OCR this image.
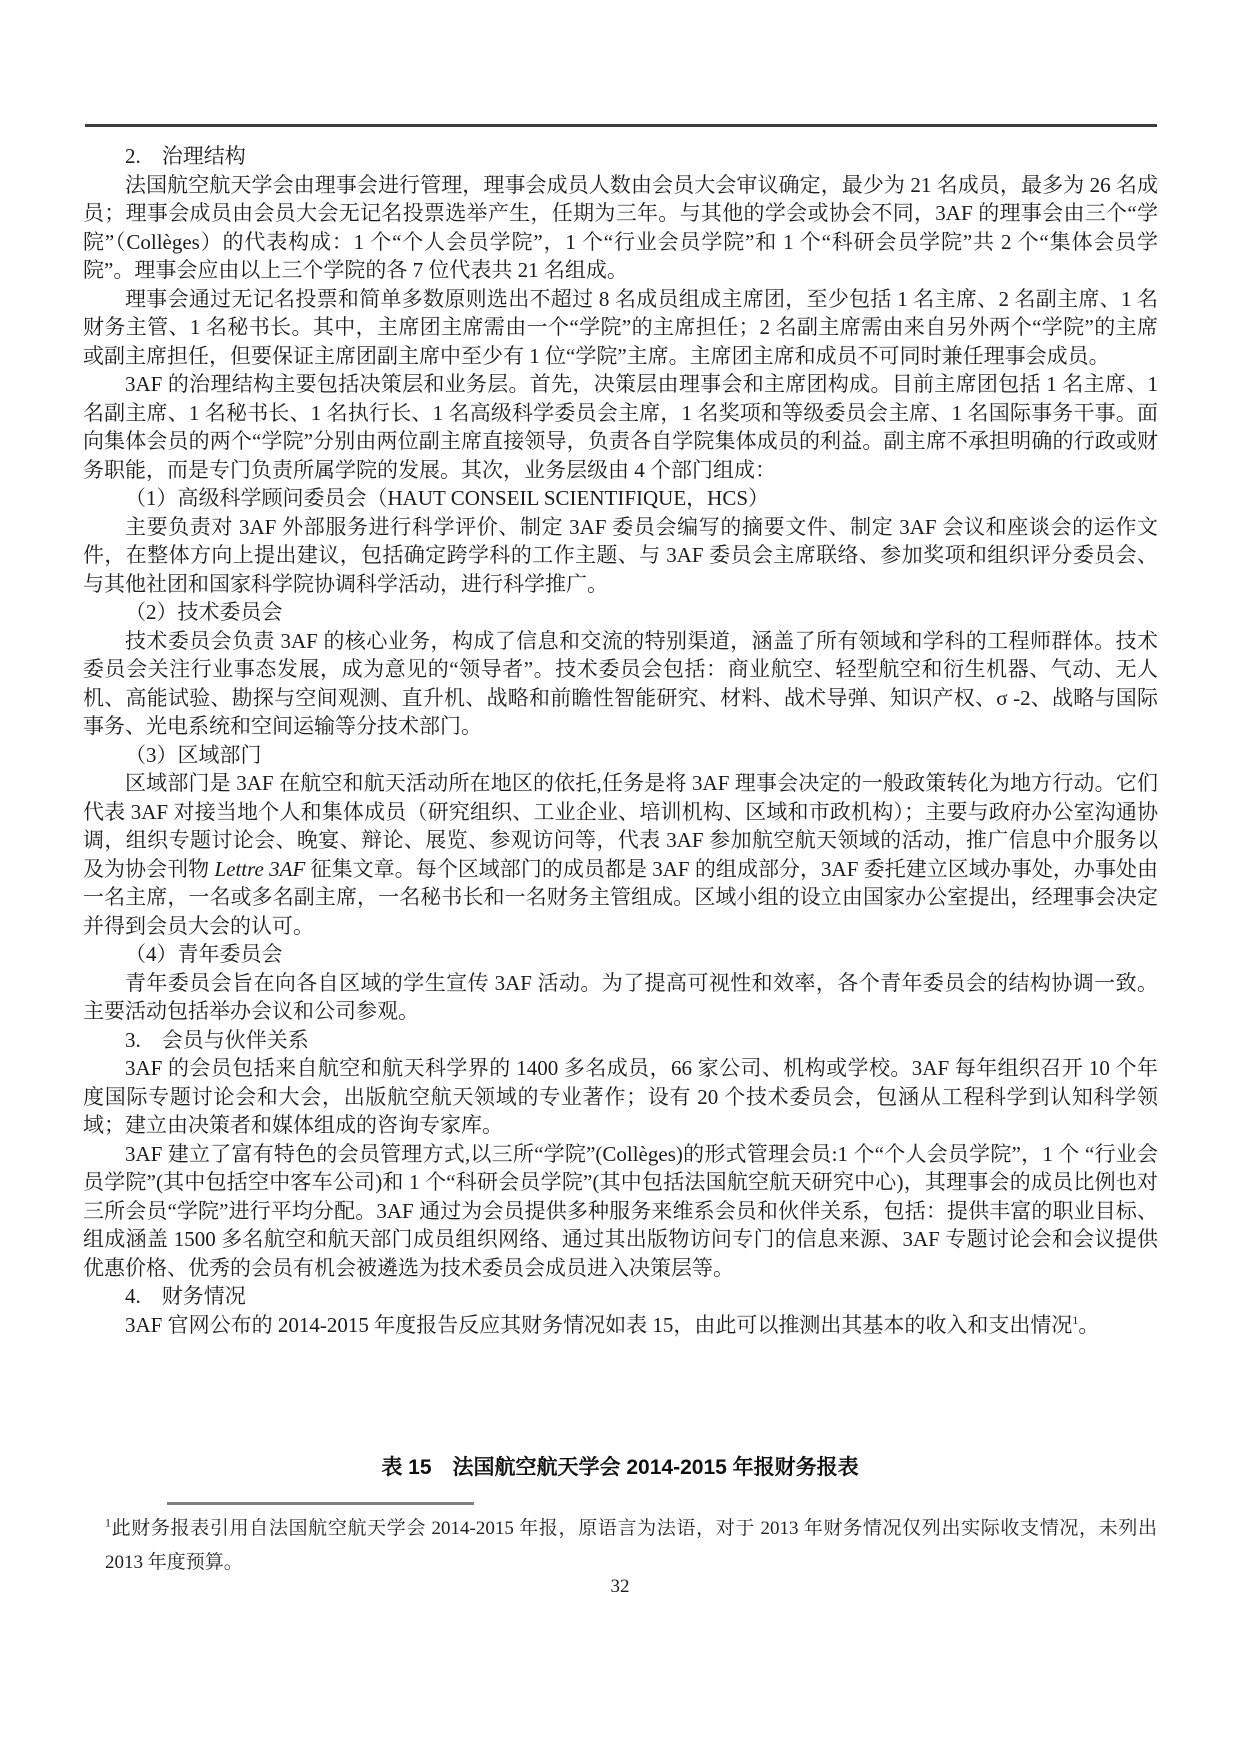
2.　治理结构

法国航空航天学会由理事会进行管理，理事会成员人数由会员大会审议确定，最少为 21 名成员，最多为 26 名成员；理事会成员由会员大会无记名投票选举产生，任期为三年。与其他的学会或协会不同，3AF 的理事会由三个“学院”（Collèges）的代表构成：1 个“个人会员学院”，1 个“行业会员学院”和 1 个“科研会员学院”共 2 个“集体会员学院”。理事会应由以上三个学院的各 7 位代表共 21 名组成。

理事会通过无记名投票和简单多数原则选出不超过 8 名成员组成主席团，至少包括 1 名主席、2 名副主席、1 名财务主管、1 名秘书长。其中，主席团主席需由一个“学院”的主席担任；2 名副主席需由来自另外两个“学院”的主席或副主席担任，但要保证主席团副主席中至少有 1 位“学院”主席。主席团主席和成员不可同时兼任理事会成员。

3AF 的治理结构主要包括决策层和业务层。首先，决策层由理事会和主席团构成。目前主席团包括 1 名主席、1 名副主席、1 名秘书长、1 名执行长、1 名高级科学委员会主席，1 名奖项和等级委员会主席、1 名国际事务干事。面向集体会员的两个“学院”分别由两位副主席直接领导，负责各自学院集体成员的利益。副主席不承担明确的行政或财务职能，而是专门负责所属学院的发展。其次，业务层级由 4 个部门组成：

（1）高级科学顾问委员会（HAUT CONSEIL SCIENTIFIQUE，HCS）

主要负责对 3AF 外部服务进行科学评价、制定 3AF 委员会编写的摘要文件、制定 3AF 会议和座谈会的运作文件，在整体方向上提出建议，包括确定跨学科的工作主题、与 3AF 委员会主席联络、参加奖项和组织评分委员会、与其他社团和国家科学院协调科学活动，进行科学推广。

（2）技术委员会

技术委员会负责 3AF 的核心业务，构成了信息和交流的特别渠道，涵盖了所有领域和学科的工程师群体。技术委员会关注行业事态发展，成为意见的“领导者”。技术委员会包括：商业航空、轻型航空和衍生机器、气动、无人机、高能试验、勘探与空间观测、直升机、战略和前瞻性智能研究、材料、战术导弹、知识产权、σ -2、战略与国际事务、光电系统和空间运输等分技术部门。

（3）区域部门

区域部门是 3AF 在航空和航天活动所在地区的依托,任务是将 3AF 理事会决定的一般政策转化为地方行动。它们代表 3AF 对接当地个人和集体成员（研究组织、工业企业、培训机构、区域和市政机构）；主要与政府办公室沟通协调，组织专题讨论会、晚宴、辩论、展览、参观访问等，代表 3AF 参加航空航天领域的活动，推广信息中介服务以及为协会刊物 Lettre 3AF 征集文章。每个区域部门的成员都是 3AF 的组成部分，3AF 委托建立区域办事处，办事处由一名主席，一名或多名副主席，一名秘书长和一名财务主管组成。区域小组的设立由国家办公室提出，经理事会决定并得到会员大会的认可。

（4）青年委员会

青年委员会旨在向各自区域的学生宣传 3AF 活动。为了提高可视性和效率，各个青年委员会的结构协调一致。主要活动包括举办会议和公司参观。

3.　会员与伙伴关系

3AF 的会员包括来自航空和航天科学界的 1400 多名成员，66 家公司、机构或学校。3AF 每年组织召开 10 个年度国际专题讨论会和大会，出版航空航天领域的专业著作；设有 20 个技术委员会，包涵从工程科学到认知科学领域；建立由决策者和媒体组成的咨询专家库。

3AF 建立了富有特色的会员管理方式,以三所“学院”(Collèges)的形式管理会员:1 个“个人会员学院”，1 个 “行业会员学院”(其中包括空中客车公司)和 1 个“科研会员学院”(其中包括法国航空航天研究中心)，其理事会的成员比例也对三所会员“学院”进行平均分配。3AF 通过为会员提供多种服务来维系会员和伙伴关系，包括：提供丰富的职业目标、组成涵盖 1500 多名航空和航天部门成员组织网络、通过其出版物访问专门的信息来源、3AF 专题讨论会和会议提供优惠价格、优秀的会员有机会被遴选为技术委员会成员进入决策层等。

4.　财务情况

3AF 官网公布的 2014-2015 年度报告反应其财务情况如表 15，由此可以推测出其基本的收入和支出情况$^1$。

表 15　法国航空航天学会 2014-2015 年报财务报表
$^1$此财务报表引用自法国航空航天学会 2014-2015 年报，原语言为法语，对于 2013 年财务情况仅列出实际收支情况，未列出 2013 年度预算。
32
